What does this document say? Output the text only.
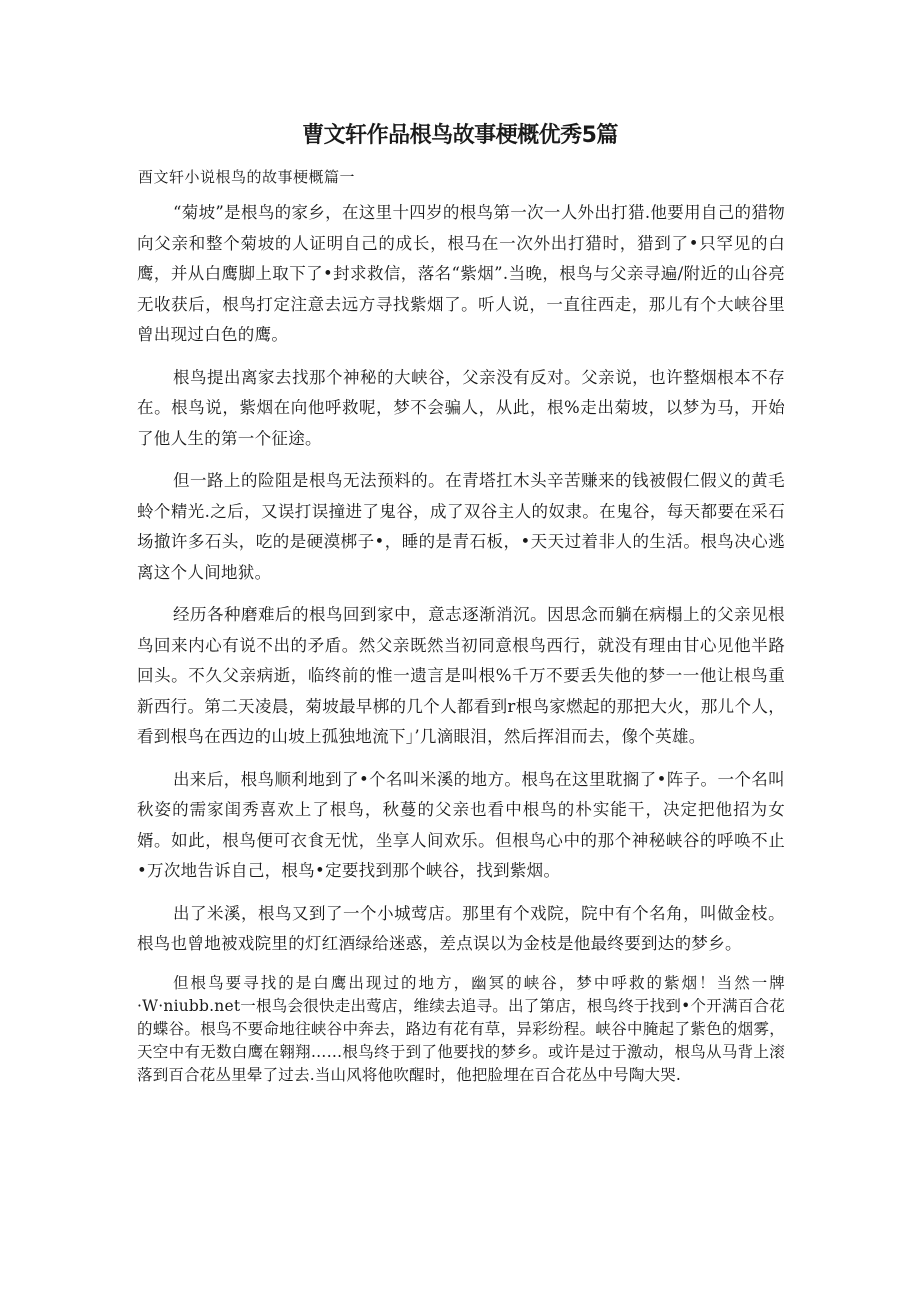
曹文轩作品根鸟故事梗概优秀5篇

酉文轩小说根鸟的故事梗概篇一

“菊坡”是根鸟的家乡，在这里十四岁的根鸟第一次一人外出打猎.他要用自己的猎物向父亲和整个菊坡的人证明自己的成长，根马在一次外出打猎时，猎到了•只罕见的白鹰，并从白鹰脚上取下了•封求救信，落名“紫烟”.当晚，根鸟与父亲寻遍/附近的山谷亮无收获后，根鸟打定注意去远方寻找紫烟了。听人说，一直往西走，那儿有个大峡谷里曾出现过白色的鹰。

根鸟提出离家去找那个神秘的大峡谷，父亲没有反对。父亲说，也许整烟根本不存在。根鸟说，紫烟在向他呼救呢，梦不会骗人，从此，根%走出菊坡，以梦为马，开始了他人生的第一个征途。

但一路上的险阻是根鸟无法预料的。在青塔扛木头辛苦赚来的钱被假仁假义的黄毛蛉个精光.之后，又误打误撞进了鬼谷，成了双谷主人的奴隶。在鬼谷，每天都要在采石场撤许多石头，吃的是硬漠梆子•，睡的是青石板，•天天过着非人的生活。根鸟决心逃离这个人间地狱。

经历各种磨难后的根鸟回到家中，意志逐渐消沉。因思念而躺在病榻上的父亲见根鸟回来内心有说不出的矛盾。然父亲既然当初同意根鸟西行，就没有理由甘心见他半路回头。不久父亲病逝，临终前的惟一遗言是叫根%千万不要丢失他的梦一一他让根鸟重新西行。第二天凌晨，菊坡最早梆的几个人都看到r根鸟家燃起的那把大火，那儿个人，看到根鸟在西边的山坡上孤独地流下」’几滴眼泪，然后挥泪而去，像个英雄。

出来后，根鸟顺利地到了•个名叫米溪的地方。根鸟在这里耽搁了•阵子。一个名叫秋姿的需家闺秀喜欢上了根鸟，秋蔓的父亲也看中根鸟的朴实能干，决定把他招为女婿。如此，根鸟便可衣食无忧，坐享人间欢乐。但根鸟心中的那个神秘峡谷的呼唤不止•万次地告诉自己，根鸟•定要找到那个峡谷，找到紫烟。

出了米溪，根鸟又到了一个小城莺店。那里有个戏院，院中有个名角，叫做金枝。根鸟也曾地被戏院里的灯红酒绿给迷惑，差点误以为金枝是他最终要到达的梦乡。

但根鸟要寻找的是白鹰出现过的地方，幽冥的峡谷，梦中呼救的紫烟！当然一牌·W·niubb.net一根鸟会很快走出莺店，维续去追寻。出了第店，根鸟终于找到•个开满百合花的蝶谷。根鸟不要命地往峡谷中奔去，路边有花有草，异彩纷程。峡谷中腌起了紫色的烟雾，天空中有无数白鹰在翱翔……根鸟终于到了他要找的梦乡。或许是过于激动，根鸟从马背上滚落到百合花丛里晕了过去.当山风将他吹醒时，他把脸埋在百合花丛中号陶大哭.
